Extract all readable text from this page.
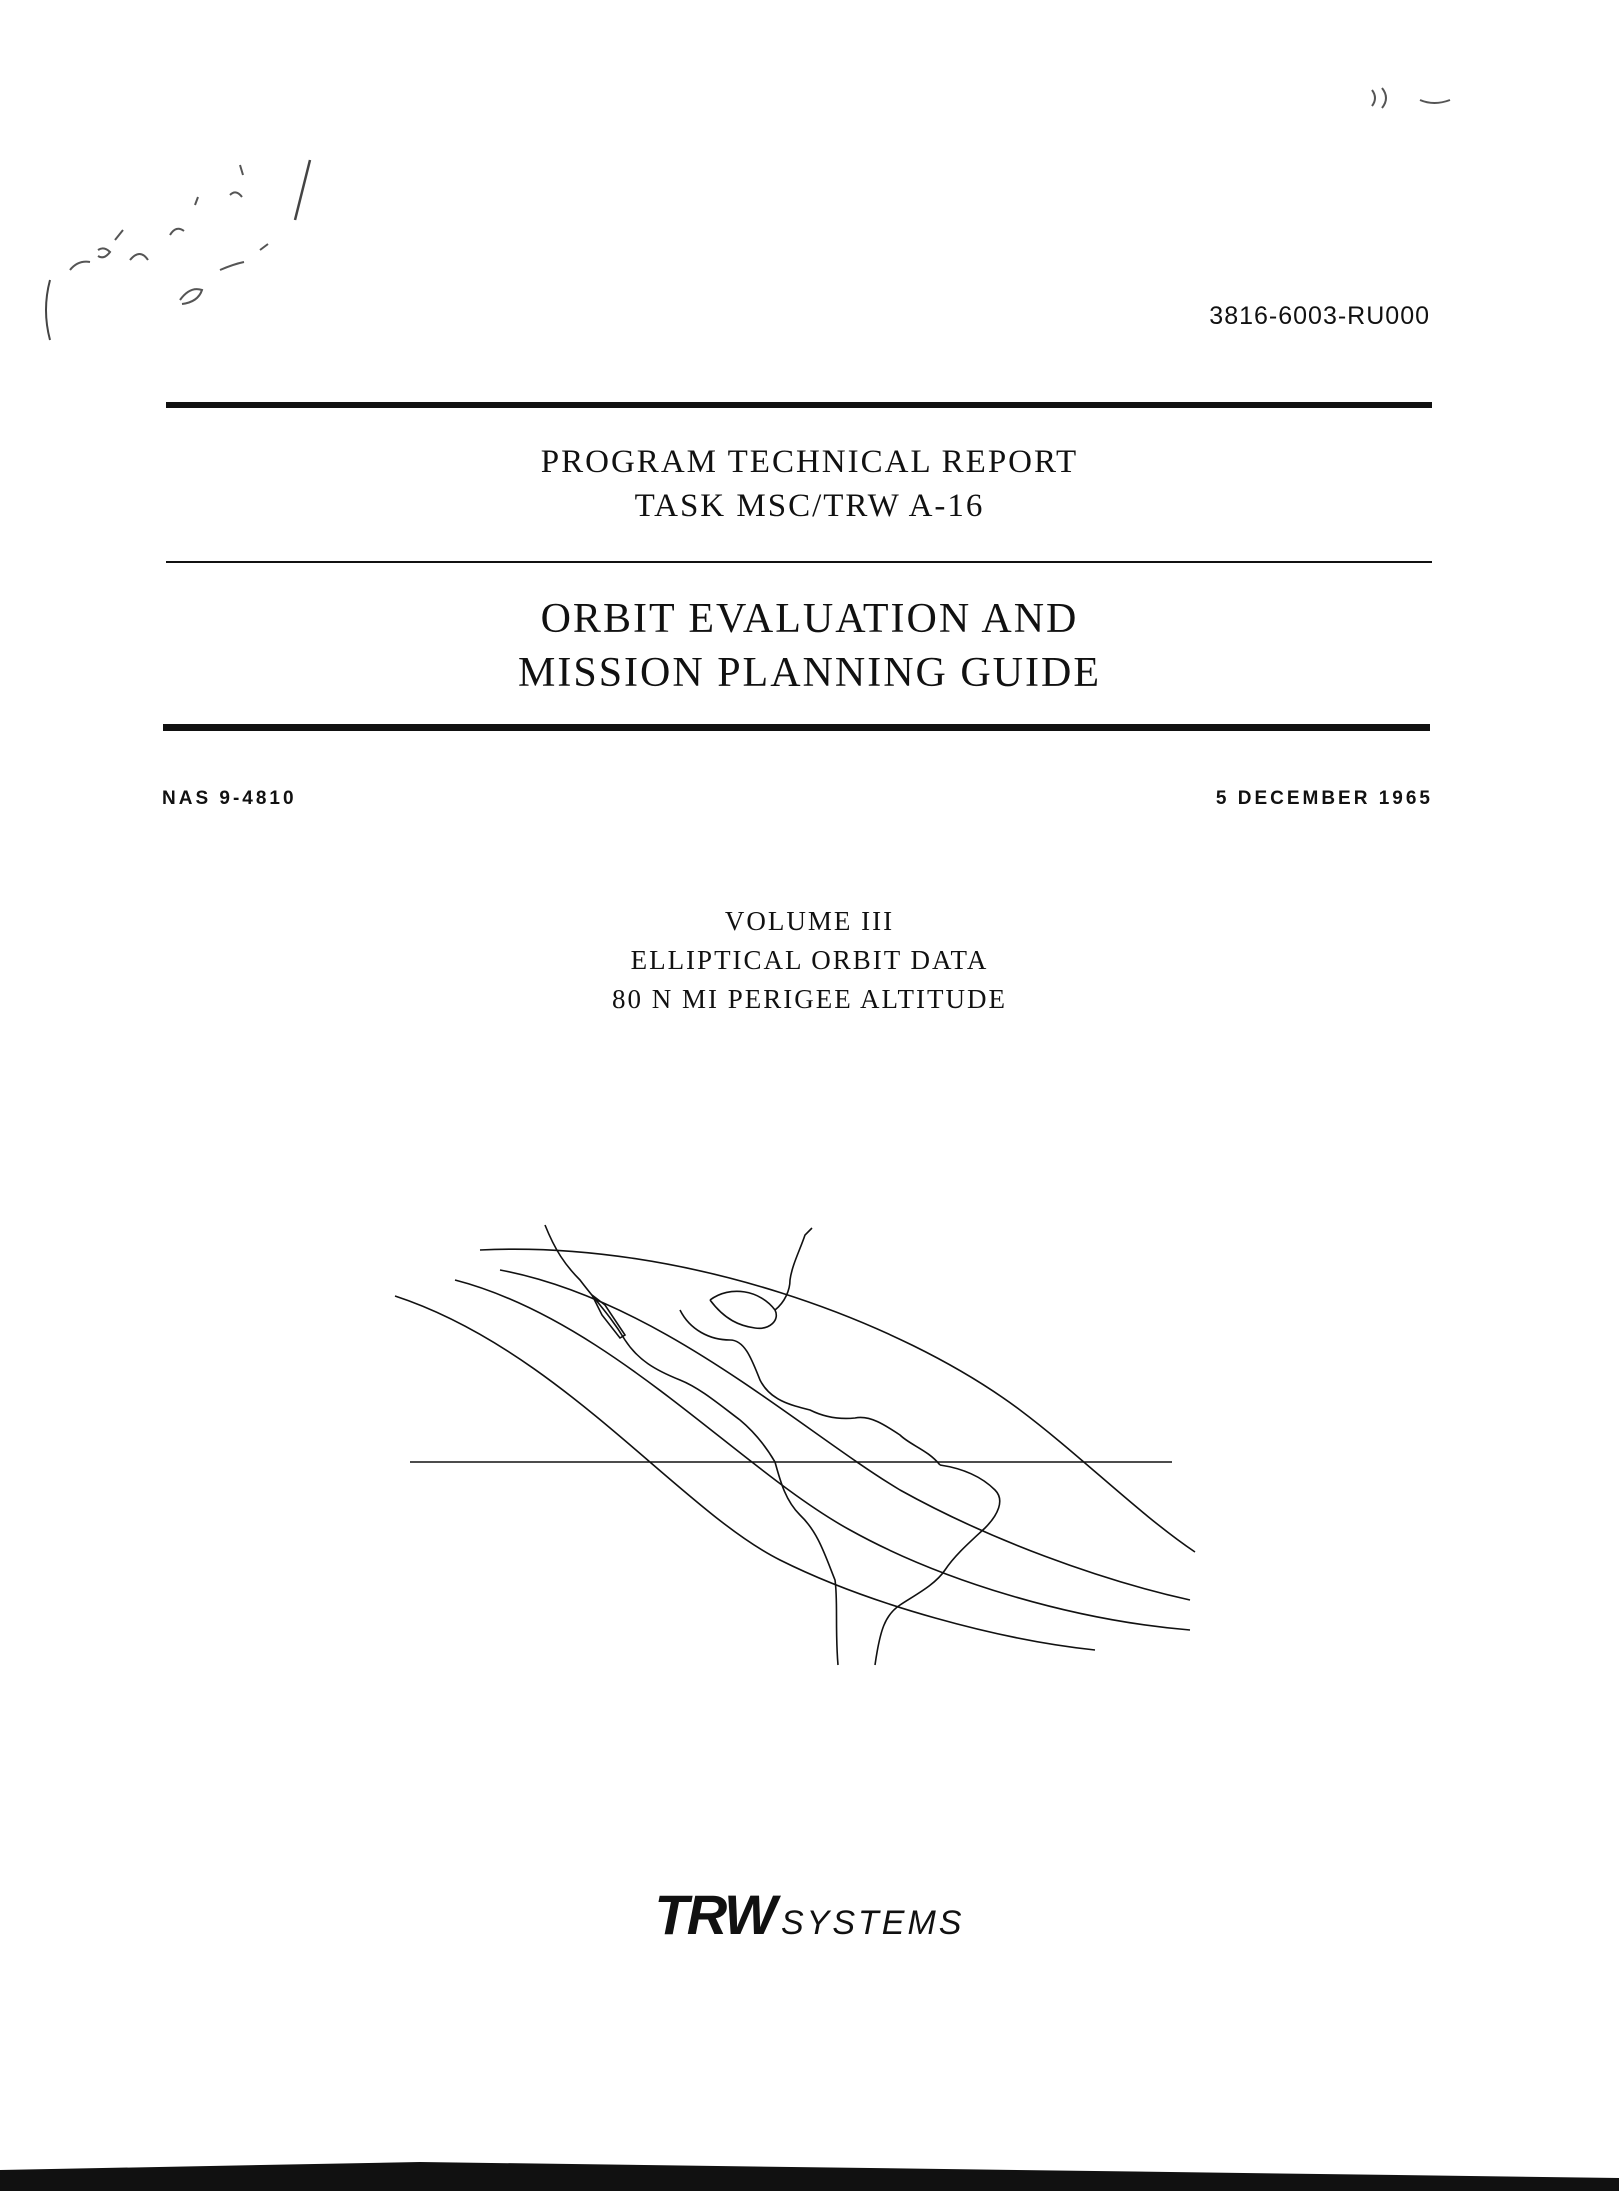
3816-6003-RU000
PROGRAM TECHNICAL REPORT
TASK MSC/TRW A-16
ORBIT EVALUATION AND
MISSION PLANNING GUIDE
NAS 9-4810	5 DECEMBER 1965
VOLUME III
ELLIPTICAL ORBIT DATA
80 N MI PERIGEE ALTITUDE
TRW SYSTEMS
